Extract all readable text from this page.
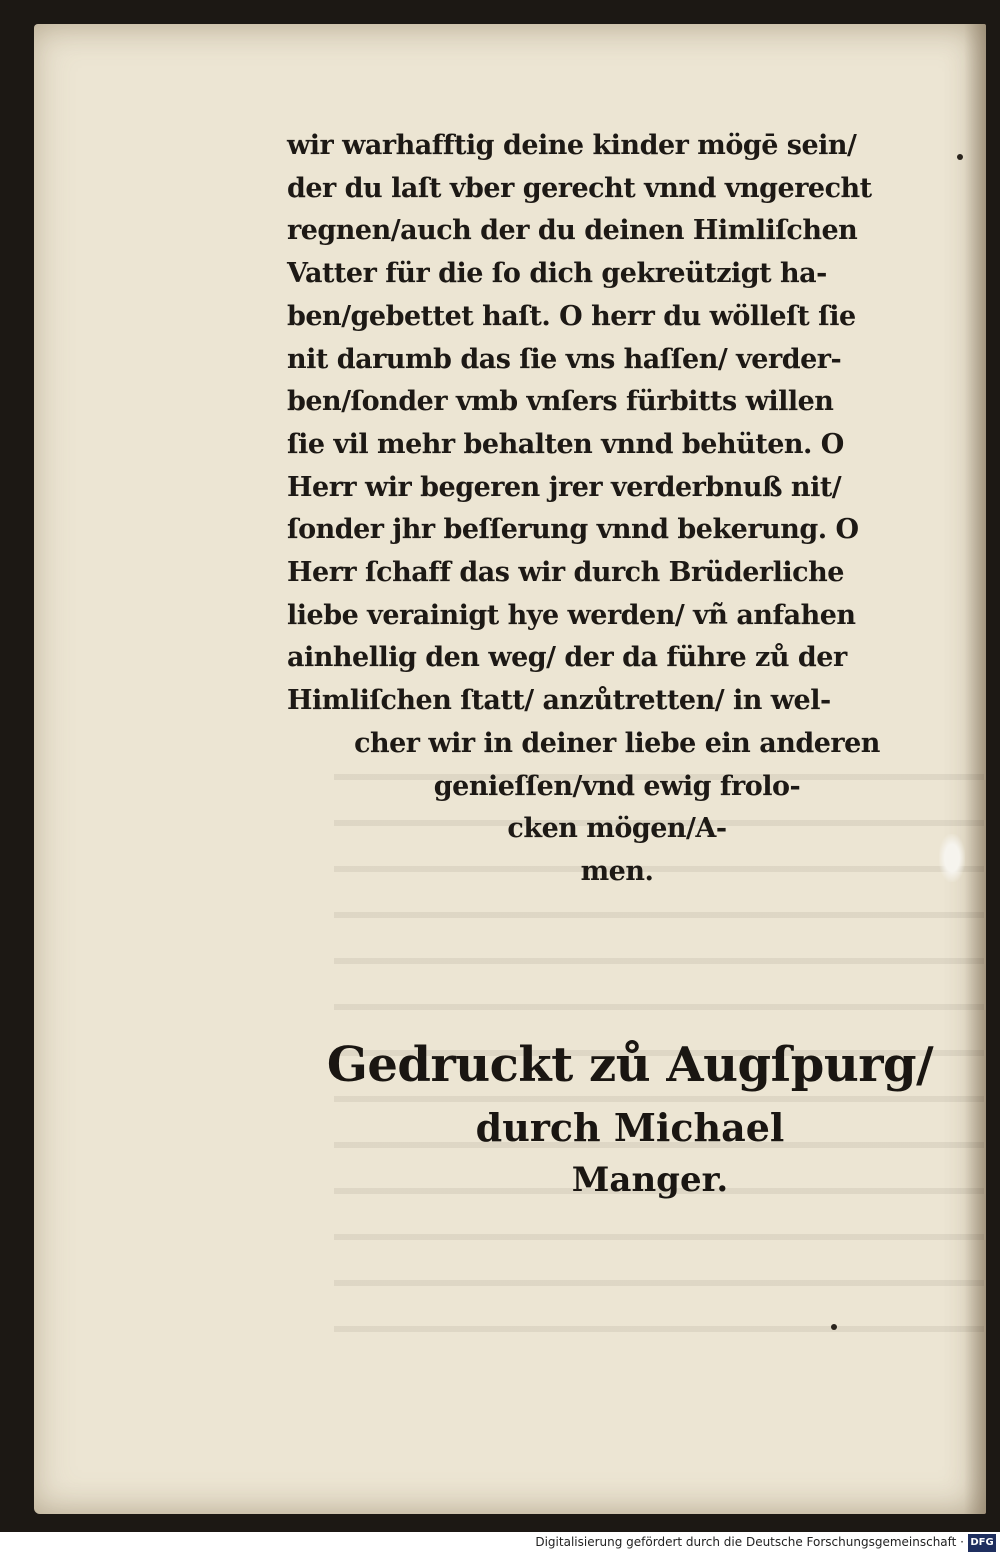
wir warhafftig deine kinder mögē sein/
der du laſt vber gerecht vnnd vngerecht
regnen/auch der du deinen Himliſchen
Vatter für die ſo dich gekreützigt ha-
ben/gebettet haſt. O herr du wölleſt ſie
nit darumb das ſie vns haſſen/ verder-
ben/ſonder vmb vnſers fürbitts willen
ſie vil mehr behalten vnnd behüten. O
Herr wir begeren jrer verderbnuß nit/
ſonder jhr beſſerung vnnd bekerung. O
Herr ſchaff das wir durch Brüderliche
liebe verainigt hye werden/ vñ anfahen
ainhellig den weg/ der da führe zů der
Himliſchen ſtatt/ anzůtretten/ in wel-
cher wir in deiner liebe ein anderen
genieſſen/vnd ewig frolo-
cken mögen/A-
men.
Gedruckt zů Augſpurg/
durch Michael
Manger.
Digitalisierung gefördert durch die Deutsche Forschungsgemeinschaft · DFG
